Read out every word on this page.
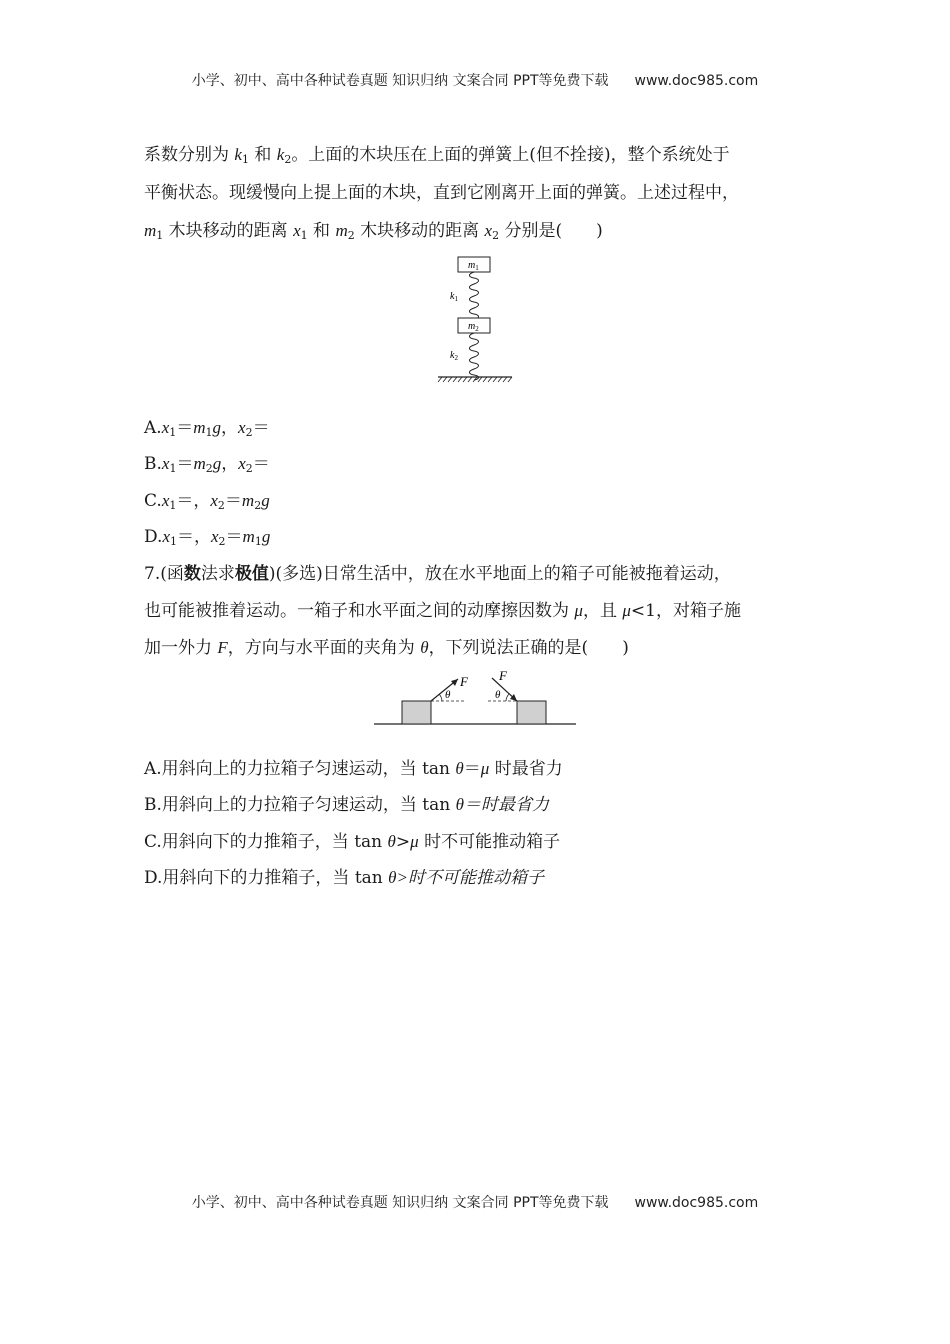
小学、初中、高中各种试卷真题 知识归纳 文案合同 PPT等免费下载 www.doc985.com
系数分别为 $k_1$ 和 $k_2$。上面的木块压在上面的弹簧上(但不拴接)，整个系统处于
平衡状态。现缓慢向上提上面的木块，直到它刚离开上面的弹簧。上述过程中，
$m_1$ 木块移动的距离 $x_1$ 和 $m_2$ 木块移动的距离 $x_2$ 分别是(　　)
$m_1$
$k_1$
$m_2$
$k_2$
$A.x_1=m_1g$，$x_2=$
$B.x_1=m_2g$，$x_2=$
$C.x_1=$，$x_2=m_2g$
$D.x_1=$，$x_2=m_1g$
7.(函数法求极值)(多选)日常生活中，放在水平地面上的箱子可能被拖着运动，
也可能被推着运动。一箱子和水平面之间的动摩擦因数为 μ，且 μ<1，对箱子施
加一外力 F，方向与水平面的夹角为 θ，下列说法正确的是(　　)
F
θ
F
θ
A.用斜向上的力拉箱子匀速运动，当 tan θ＝μ 时最省力
B.用斜向上的力拉箱子匀速运动，当 tan θ＝时最省力
C.用斜向下的力推箱子，当 tan θ>μ 时不可能推动箱子
D.用斜向下的力推箱子，当 tan θ>时不可能推动箱子
小学、初中、高中各种试卷真题 知识归纳 文案合同 PPT等免费下载 www.doc985.com
